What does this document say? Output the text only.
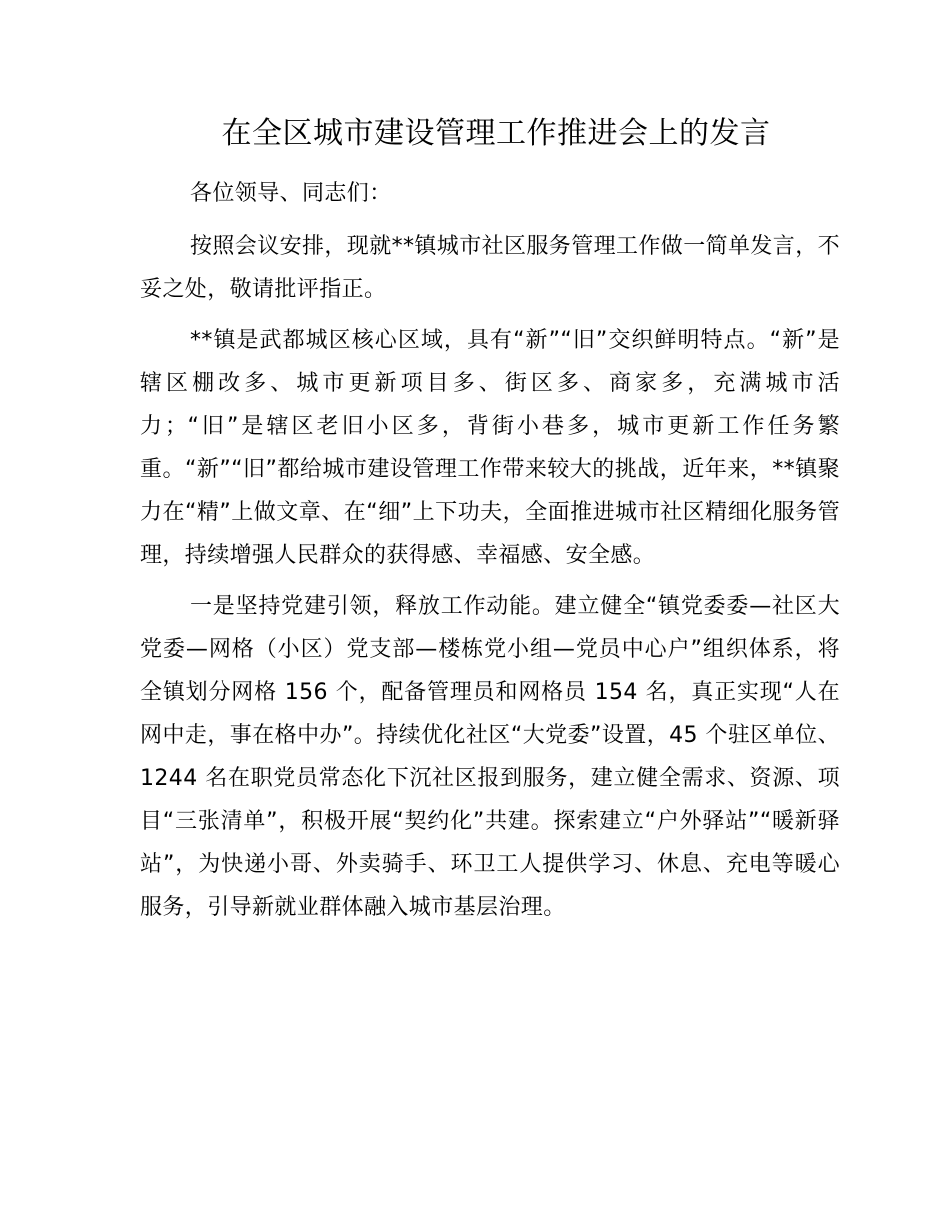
在全区城市建设管理工作推进会上的发言

各位领导、同志们：

按照会议安排，现就**镇城市社区服务管理工作做一简单发言，不妥之处，敬请批评指正。

**镇是武都城区核心区域，具有“新”“旧”交织鲜明特点。“新”是辖区棚改多、城市更新项目多、街区多、商家多，充满城市活力；“旧”是辖区老旧小区多，背街小巷多，城市更新工作任务繁重。“新”“旧”都给城市建设管理工作带来较大的挑战，近年来，**镇聚力在“精”上做文章、在“细”上下功夫，全面推进城市社区精细化服务管理，持续增强人民群众的获得感、幸福感、安全感。

一是坚持党建引领，释放工作动能。建立健全“镇党委委—社区大党委—网格（小区）党支部—楼栋党小组—党员中心户”组织体系，将全镇划分网格 156 个，配备管理员和网格员 154 名，真正实现“人在网中走，事在格中办”。持续优化社区“大党委”设置，45 个驻区单位、1244 名在职党员常态化下沉社区报到服务，建立健全需求、资源、项目“三张清单”，积极开展“契约化”共建。探索建立“户外驿站”“暖新驿站”，为快递小哥、外卖骑手、环卫工人提供学习、休息、充电等暖心服务，引导新就业群体融入城市基层治理。
